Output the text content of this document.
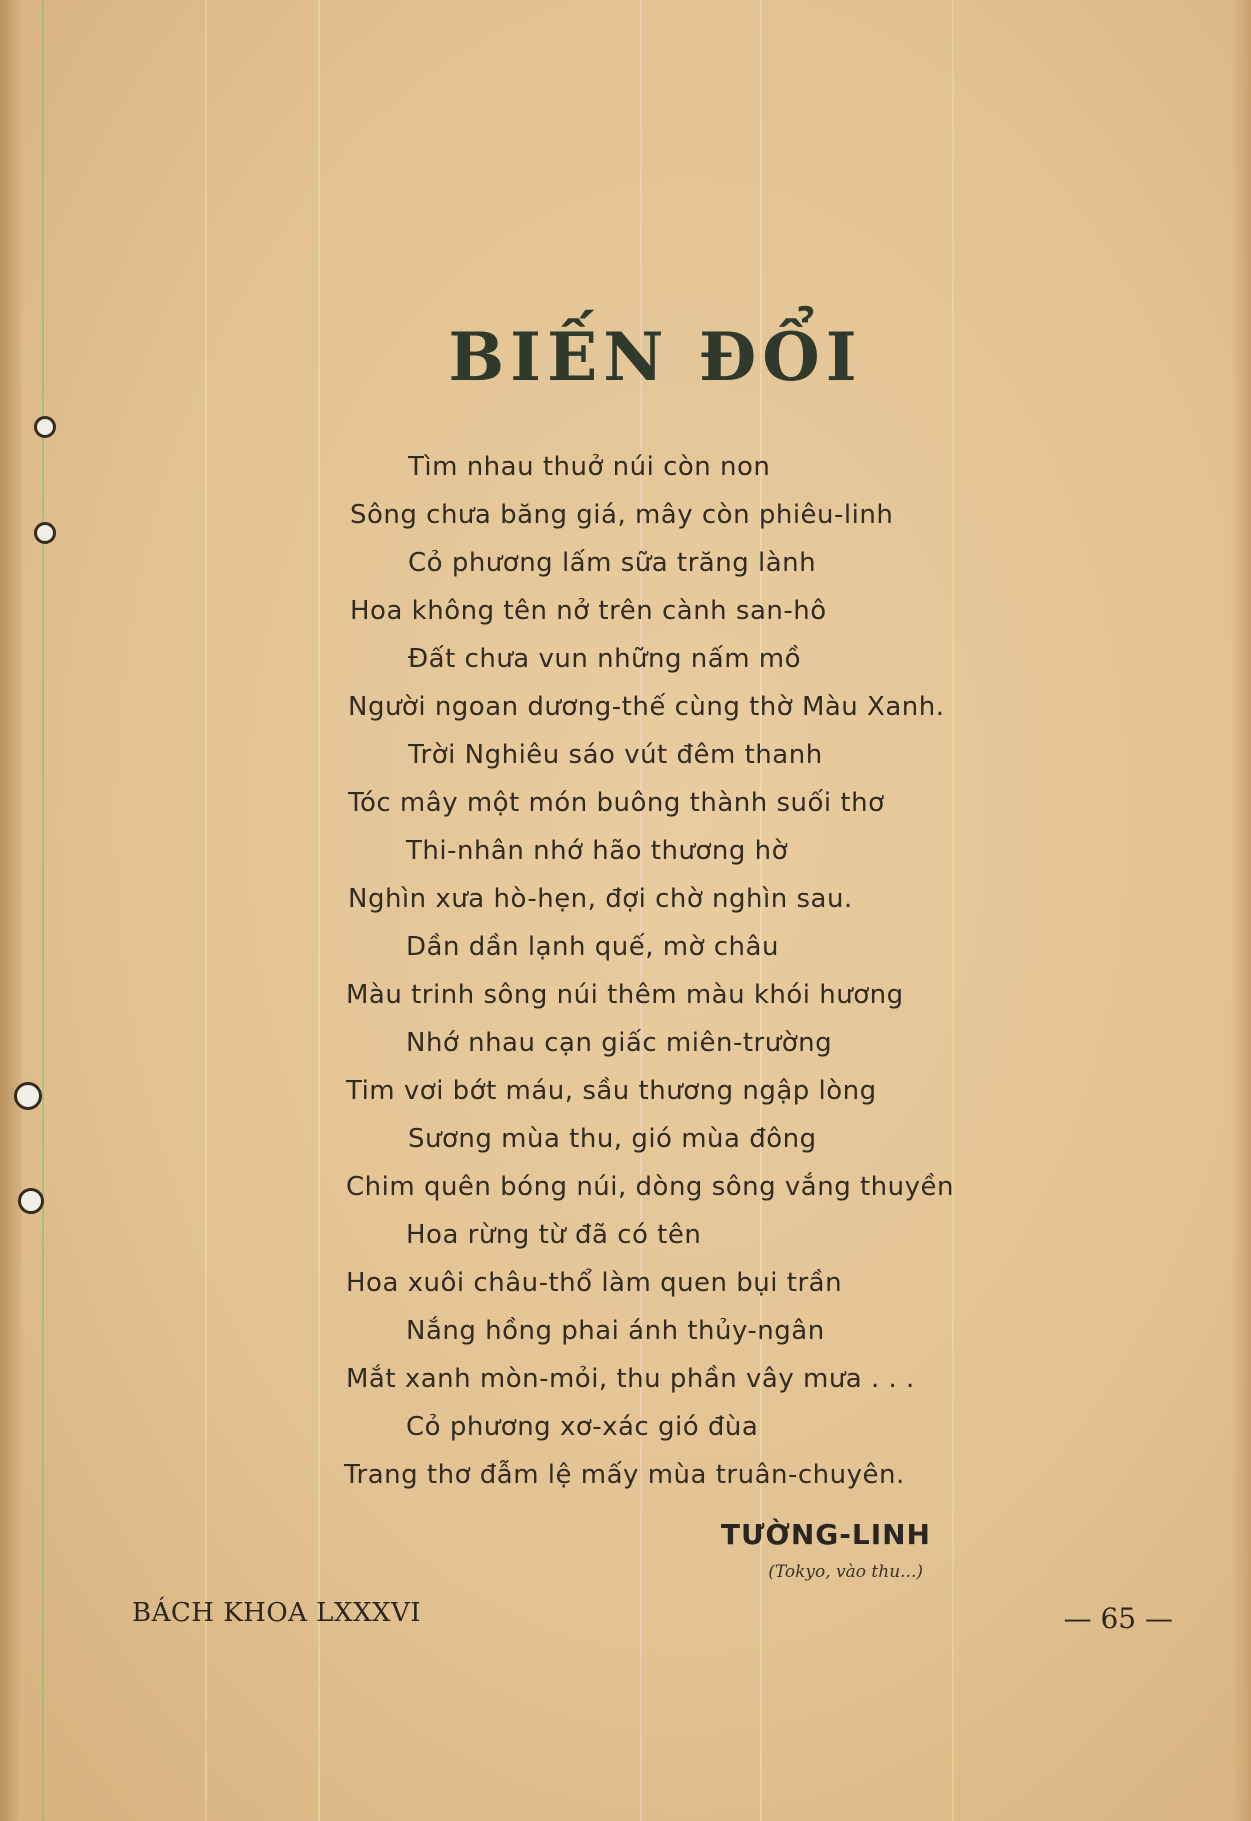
BIẾN ĐỔI
Tìm nhau thuở núi còn non
Sông chưa băng giá, mây còn phiêu-linh
Cỏ phương lấm sữa trăng lành
Hoa không tên nở trên cành san-hô
Đất chưa vun những nấm mồ
Người ngoan dương-thế cùng thờ Màu Xanh.
Trời Nghiêu sáo vút đêm thanh
Tóc mây một món buông thành suối thơ
Thi-nhân nhớ hão thương hờ
Nghìn xưa hò-hẹn, đợi chờ nghìn sau.
Dần dần lạnh quế, mờ châu
Màu trinh sông núi thêm màu khói hương
Nhớ nhau cạn giấc miên-trường
Tim vơi bớt máu, sầu thương ngập lòng
Sương mùa thu, gió mùa đông
Chim quên bóng núi, dòng sông vắng thuyền
Hoa rừng từ đã có tên
Hoa xuôi châu-thổ làm quen bụi trần
Nắng hồng phai ánh thủy-ngân
Mắt xanh mòn-mỏi, thu phần vây mưa . . .
Cỏ phương xơ-xác gió đùa
Trang thơ đẫm lệ mấy mùa truân-chuyên.
TƯỜNG-LINH
(Tokyo, vào thu...)
BÁCH KHOA LXXXVI	— 65 —
